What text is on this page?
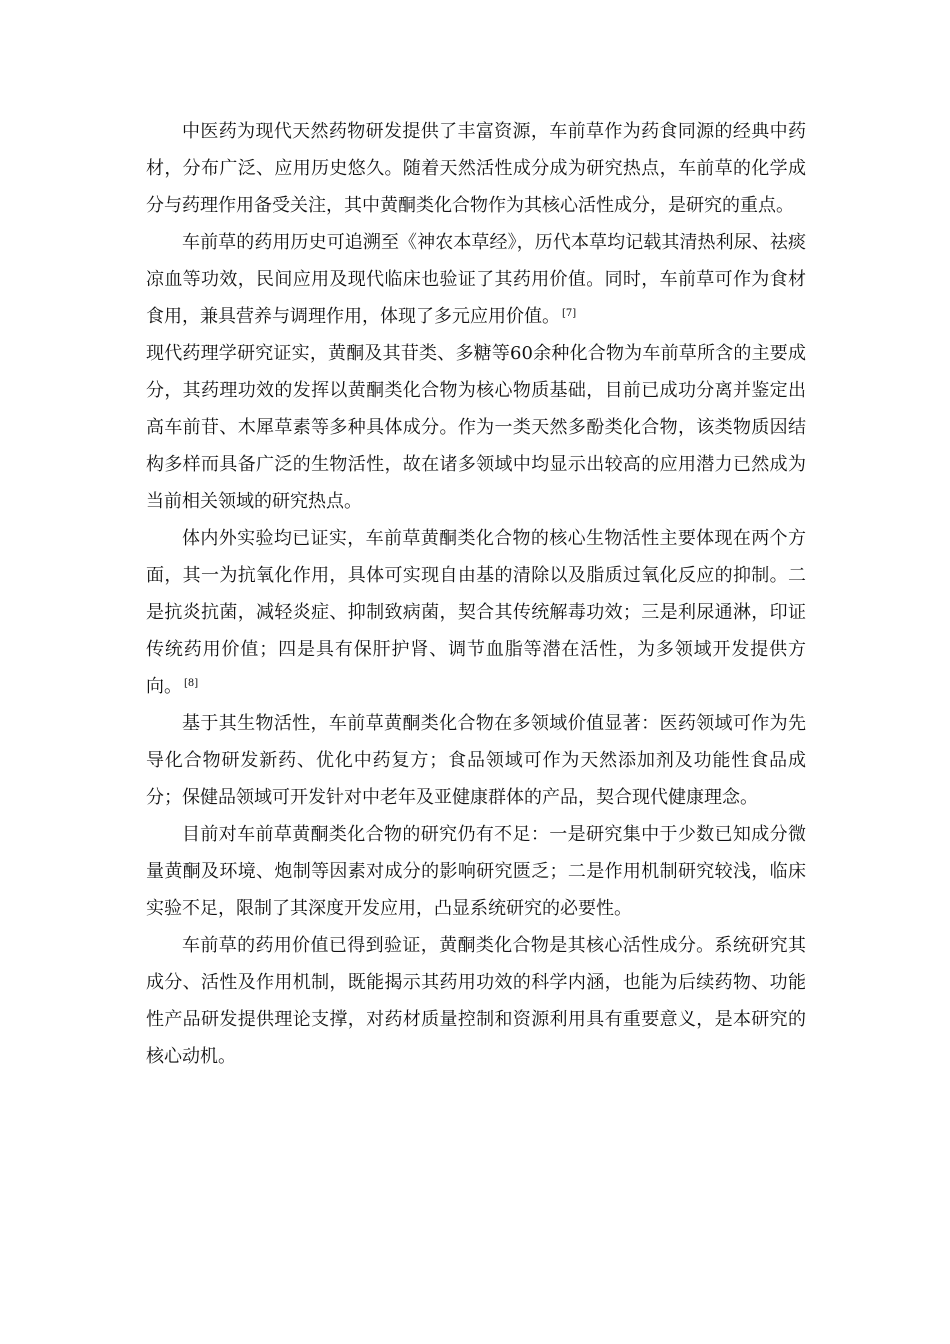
中医药为现代天然药物研发提供了丰富资源，车前草作为药食同源的经典中药材，分布广泛、应用历史悠久。随着天然活性成分成为研究热点，车前草的化学成分与药理作用备受关注，其中黄酮类化合物作为其核心活性成分，是研究的重点。

车前草的药用历史可追溯至《神农本草经》，历代本草均记载其清热利尿、祛痰凉血等功效，民间应用及现代临床也验证了其药用价值。同时，车前草可作为食材食用，兼具营养与调理作用，体现了多元应用价值。 [7]

现代药理学研究证实，黄酮及其苷类、多糖等60余种化合物为车前草所含的主要成分，其药理功效的发挥以黄酮类化合物为核心物质基础，目前已成功分离并鉴定出高车前苷、木犀草素等多种具体成分。作为一类天然多酚类化合物，该类物质因结构多样而具备广泛的生物活性，故在诸多领域中均显示出较高的应用潜力已然成为当前相关领域的研究热点。

体内外实验均已证实，车前草黄酮类化合物的核心生物活性主要体现在两个方面，其一为抗氧化作用，具体可实现自由基的清除以及脂质过氧化反应的抑制。二是抗炎抗菌，减轻炎症、抑制致病菌，契合其传统解毒功效；三是利尿通淋，印证传统药用价值；四是具有保肝护肾、调节血脂等潜在活性，为多领域开发提供方向。 [8]

基于其生物活性，车前草黄酮类化合物在多领域价值显著：医药领域可作为先导化合物研发新药、优化中药复方；食品领域可作为天然添加剂及功能性食品成分；保健品领域可开发针对中老年及亚健康群体的产品，契合现代健康理念。

目前对车前草黄酮类化合物的研究仍有不足：一是研究集中于少数已知成分微量黄酮及环境、炮制等因素对成分的影响研究匮乏；二是作用机制研究较浅，临床实验不足，限制了其深度开发应用，凸显系统研究的必要性。

车前草的药用价值已得到验证，黄酮类化合物是其核心活性成分。系统研究其成分、活性及作用机制，既能揭示其药用功效的科学内涵，也能为后续药物、功能性产品研发提供理论支撑，对药材质量控制和资源利用具有重要意义，是本研究的核心动机。
